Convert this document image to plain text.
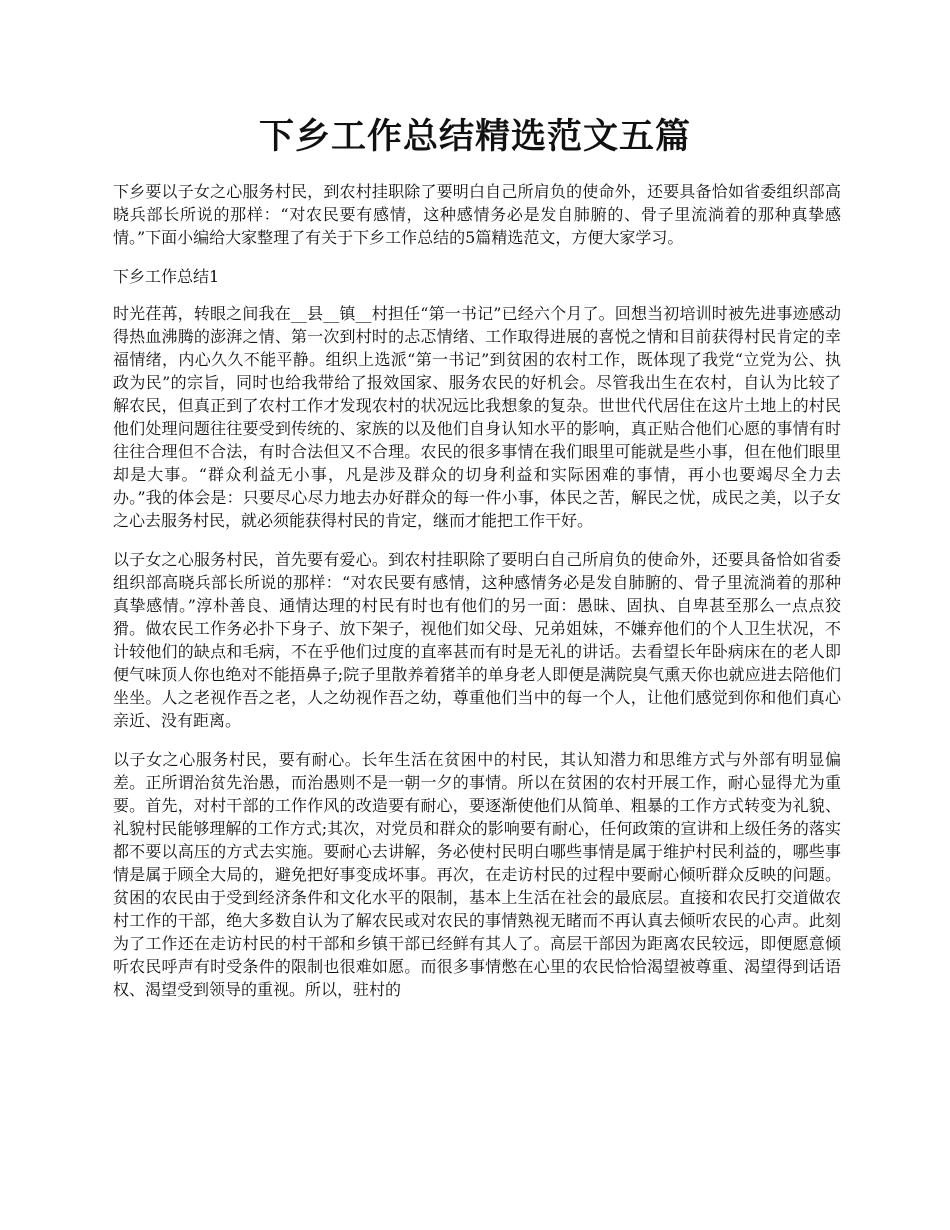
下乡工作总结精选范文五篇

下乡要以子女之心服务村民，到农村挂职除了要明白自己所肩负的使命外，还要具备恰如省委组织部高晓兵部长所说的那样：“对农民要有感情，这种感情务必是发自肺腑的、骨子里流淌着的那种真挚感情。”下面小编给大家整理了有关于下乡工作总结的5篇精选范文，方便大家学习。

下乡工作总结1

时光荏苒，转眼之间我在__县__镇__村担任“第一书记”已经六个月了。回想当初培训时被先进事迹感动得热血沸腾的澎湃之情、第一次到村时的忐忑情绪、工作取得进展的喜悦之情和目前获得村民肯定的幸福情绪，内心久久不能平静。组织上选派“第一书记”到贫困的农村工作，既体现了我党“立党为公、执政为民”的宗旨，同时也给我带给了报效国家、服务农民的好机会。尽管我出生在农村，自认为比较了解农民，但真正到了农村工作才发现农村的状况远比我想象的复杂。世世代代居住在这片土地上的村民他们处理问题往往要受到传统的、家族的以及他们自身认知水平的影响，真正贴合他们心愿的事情有时往往合理但不合法，有时合法但又不合理。农民的很多事情在我们眼里可能就是些小事，但在他们眼里却是大事。“群众利益无小事，凡是涉及群众的切身利益和实际困难的事情，再小也要竭尽全力去办。”我的体会是：只要尽心尽力地去办好群众的每一件小事，体民之苦，解民之忧，成民之美，以子女之心去服务村民，就必须能获得村民的肯定，继而才能把工作干好。

以子女之心服务村民，首先要有爱心。到农村挂职除了要明白自己所肩负的使命外，还要具备恰如省委组织部高晓兵部长所说的那样：“对农民要有感情，这种感情务必是发自肺腑的、骨子里流淌着的那种真挚感情。”淳朴善良、通情达理的村民有时也有他们的另一面：愚昧、固执、自卑甚至那么一点点狡猾。做农民工作务必扑下身子、放下架子，视他们如父母、兄弟姐妹，不嫌弃他们的个人卫生状况，不计较他们的缺点和毛病，不在乎他们过度的直率甚而有时是无礼的讲话。去看望长年卧病床在的老人即便气味顶人你也绝对不能捂鼻子;院子里散养着猪羊的单身老人即便是满院臭气熏天你也就应进去陪他们坐坐。人之老视作吾之老，人之幼视作吾之幼，尊重他们当中的每一个人，让他们感觉到你和他们真心亲近、没有距离。

以子女之心服务村民，要有耐心。长年生活在贫困中的村民，其认知潜力和思维方式与外部有明显偏差。正所谓治贫先治愚，而治愚则不是一朝一夕的事情。所以在贫困的农村开展工作，耐心显得尤为重要。首先，对村干部的工作作风的改造要有耐心，要逐渐使他们从简单、粗暴的工作方式转变为礼貌、礼貌村民能够理解的工作方式;其次，对党员和群众的影响要有耐心，任何政策的宣讲和上级任务的落实都不要以高压的方式去实施。要耐心去讲解，务必使村民明白哪些事情是属于维护村民利益的，哪些事情是属于顾全大局的，避免把好事变成坏事。再次，在走访村民的过程中要耐心倾听群众反映的问题。贫困的农民由于受到经济条件和文化水平的限制，基本上生活在社会的最底层。直接和农民打交道做农村工作的干部，绝大多数自认为了解农民或对农民的事情熟视无睹而不再认真去倾听农民的心声。此刻为了工作还在走访村民的村干部和乡镇干部已经鲜有其人了。高层干部因为距离农民较远，即便愿意倾听农民呼声有时受条件的限制也很难如愿。而很多事情憋在心里的农民恰恰渴望被尊重、渴望得到话语权、渴望受到领导的重视。所以，驻村的
